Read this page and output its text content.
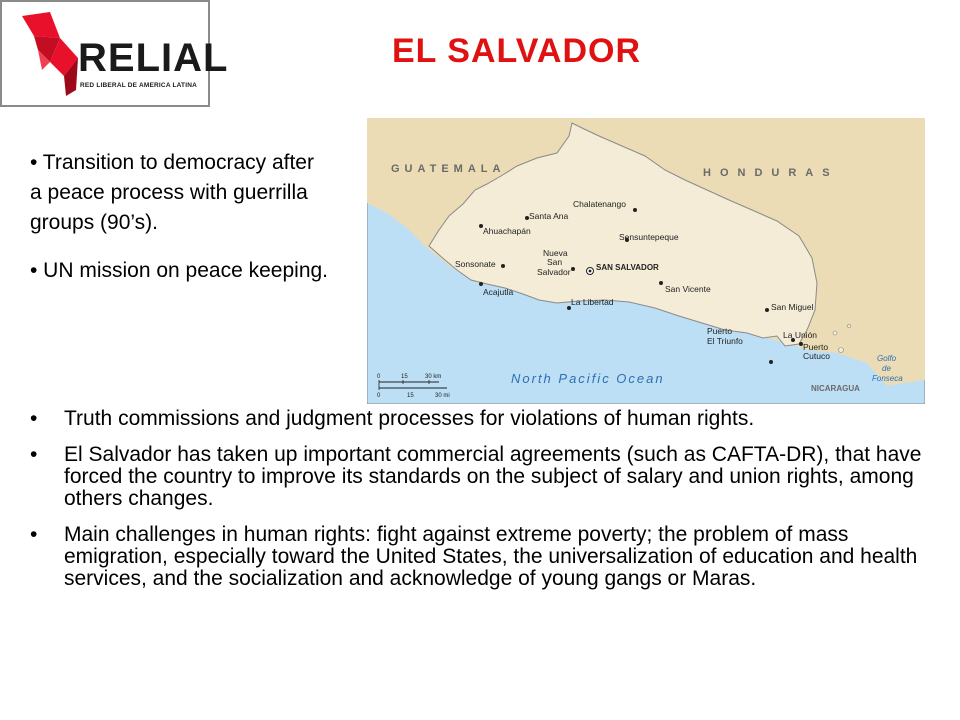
RELIAL
RED LIBERAL DE AMERICA LATINA
EL SALVADOR

• Transition to democracy after a peace process with guerrilla groups (90’s).

• UN mission on peace keeping.

GUATEMALA	HONDURAS
NICARAGUA
North Pacific Ocean
Golfo
de
Fonseca
Chalatenango
Santa Ana
Ahuachapán
Sensuntepeque
Nueva
San
Salvador	SAN SALVADOR
Sonsonate
San Vicente
Acajutla
La Libertad	San Miguel
Puerto
El Triunfo
La Unión
Puerto
Cutuco
0	15	30 km
0	15	30 mi
• Truth commissions and judgment processes for violations of human rights.
• El Salvador has taken up important commercial agreements (such as CAFTA-DR), that have forced the country to improve its standards on the subject of salary and union rights, among others changes.
• Main challenges in human rights: fight against extreme poverty; the problem of mass emigration, especially toward the United States, the universalization of education and health services, and the socialization and acknowledge of young gangs or Maras.
